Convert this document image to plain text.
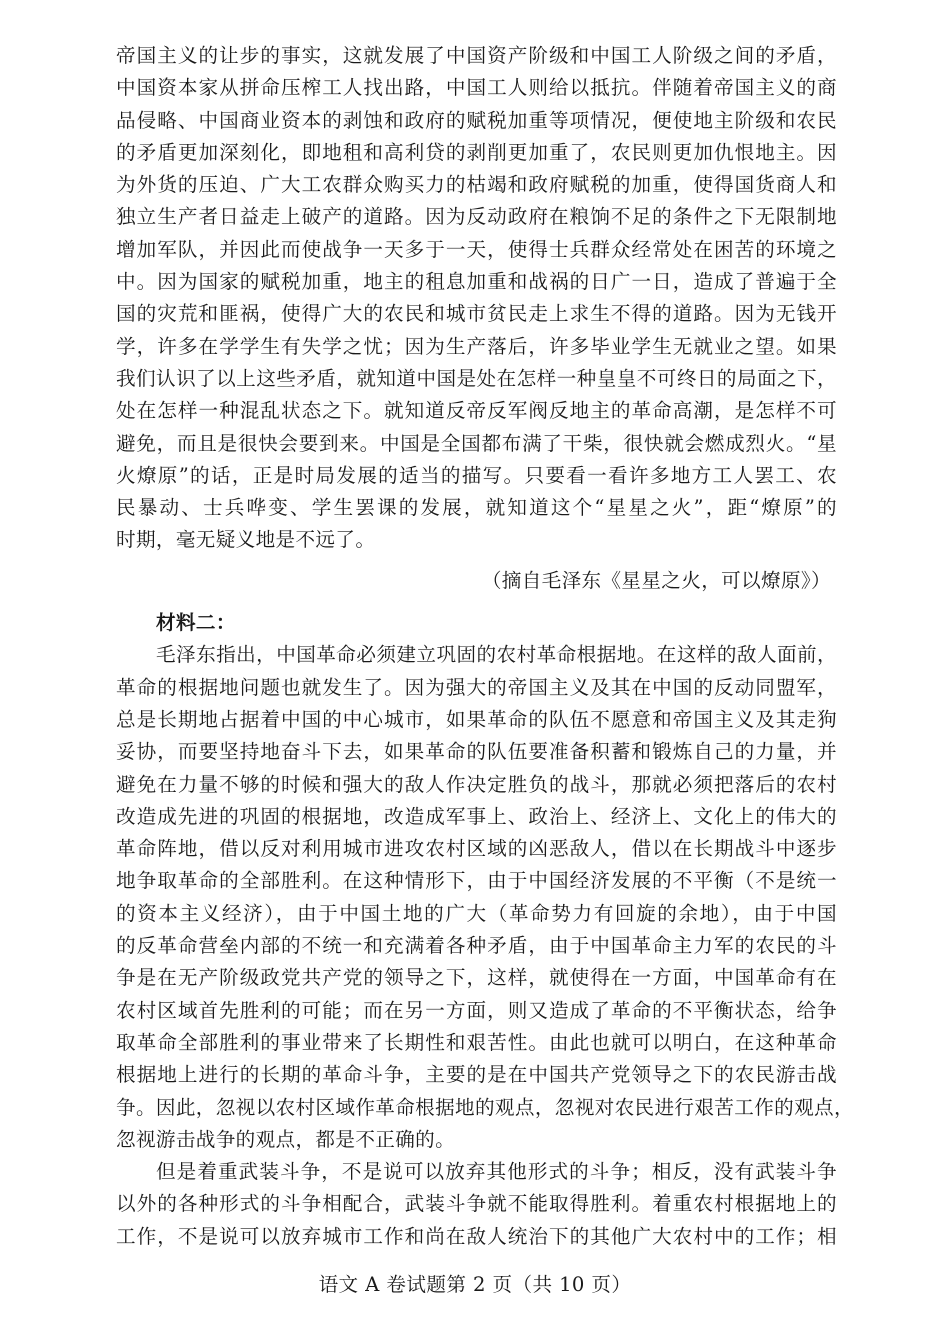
帝国主义的让步的事实，这就发展了中国资产阶级和中国工人阶级之间的矛盾，
中国资本家从拼命压榨工人找出路，中国工人则给以抵抗。伴随着帝国主义的商
品侵略、中国商业资本的剥蚀和政府的赋税加重等项情况，便使地主阶级和农民
的矛盾更加深刻化，即地租和高利贷的剥削更加重了，农民则更加仇恨地主。因
为外货的压迫、广大工农群众购买力的枯竭和政府赋税的加重，使得国货商人和
独立生产者日益走上破产的道路。因为反动政府在粮饷不足的条件之下无限制地
增加军队，并因此而使战争一天多于一天，使得士兵群众经常处在困苦的环境之
中。因为国家的赋税加重，地主的租息加重和战祸的日广一日，造成了普遍于全
国的灾荒和匪祸，使得广大的农民和城市贫民走上求生不得的道路。因为无钱开
学，许多在学学生有失学之忧；因为生产落后，许多毕业学生无就业之望。如果
我们认识了以上这些矛盾，就知道中国是处在怎样一种皇皇不可终日的局面之下，
处在怎样一种混乱状态之下。就知道反帝反军阀反地主的革命高潮，是怎样不可
避免，而且是很快会要到来。中国是全国都布满了干柴，很快就会燃成烈火。“星
火燎原”的话，正是时局发展的适当的描写。只要看一看许多地方工人罢工、农
民暴动、士兵哗变、学生罢课的发展，就知道这个“星星之火”，距“燎原”的
时期，毫无疑义地是不远了。
（摘自毛泽东《星星之火，可以燎原》）
材料二：
毛泽东指出，中国革命必须建立巩固的农村革命根据地。在这样的敌人面前，
革命的根据地问题也就发生了。因为强大的帝国主义及其在中国的反动同盟军，
总是长期地占据着中国的中心城市，如果革命的队伍不愿意和帝国主义及其走狗
妥协，而要坚持地奋斗下去，如果革命的队伍要准备积蓄和锻炼自己的力量，并
避免在力量不够的时候和强大的敌人作决定胜负的战斗，那就必须把落后的农村
改造成先进的巩固的根据地，改造成军事上、政治上、经济上、文化上的伟大的
革命阵地，借以反对利用城市进攻农村区域的凶恶敌人，借以在长期战斗中逐步
地争取革命的全部胜利。在这种情形下，由于中国经济发展的不平衡（不是统一
的资本主义经济），由于中国土地的广大（革命势力有回旋的余地），由于中国
的反革命营垒内部的不统一和充满着各种矛盾，由于中国革命主力军的农民的斗
争是在无产阶级政党共产党的领导之下，这样，就使得在一方面，中国革命有在
农村区域首先胜利的可能；而在另一方面，则又造成了革命的不平衡状态，给争
取革命全部胜利的事业带来了长期性和艰苦性。由此也就可以明白，在这种革命
根据地上进行的长期的革命斗争，主要的是在中国共产党领导之下的农民游击战
争。因此，忽视以农村区域作革命根据地的观点，忽视对农民进行艰苦工作的观点，
忽视游击战争的观点，都是不正确的。
但是着重武装斗争，不是说可以放弃其他形式的斗争；相反，没有武装斗争
以外的各种形式的斗争相配合，武装斗争就不能取得胜利。着重农村根据地上的
工作，不是说可以放弃城市工作和尚在敌人统治下的其他广大农村中的工作；相
语文 A 卷试题第 2 页（共 10 页）
